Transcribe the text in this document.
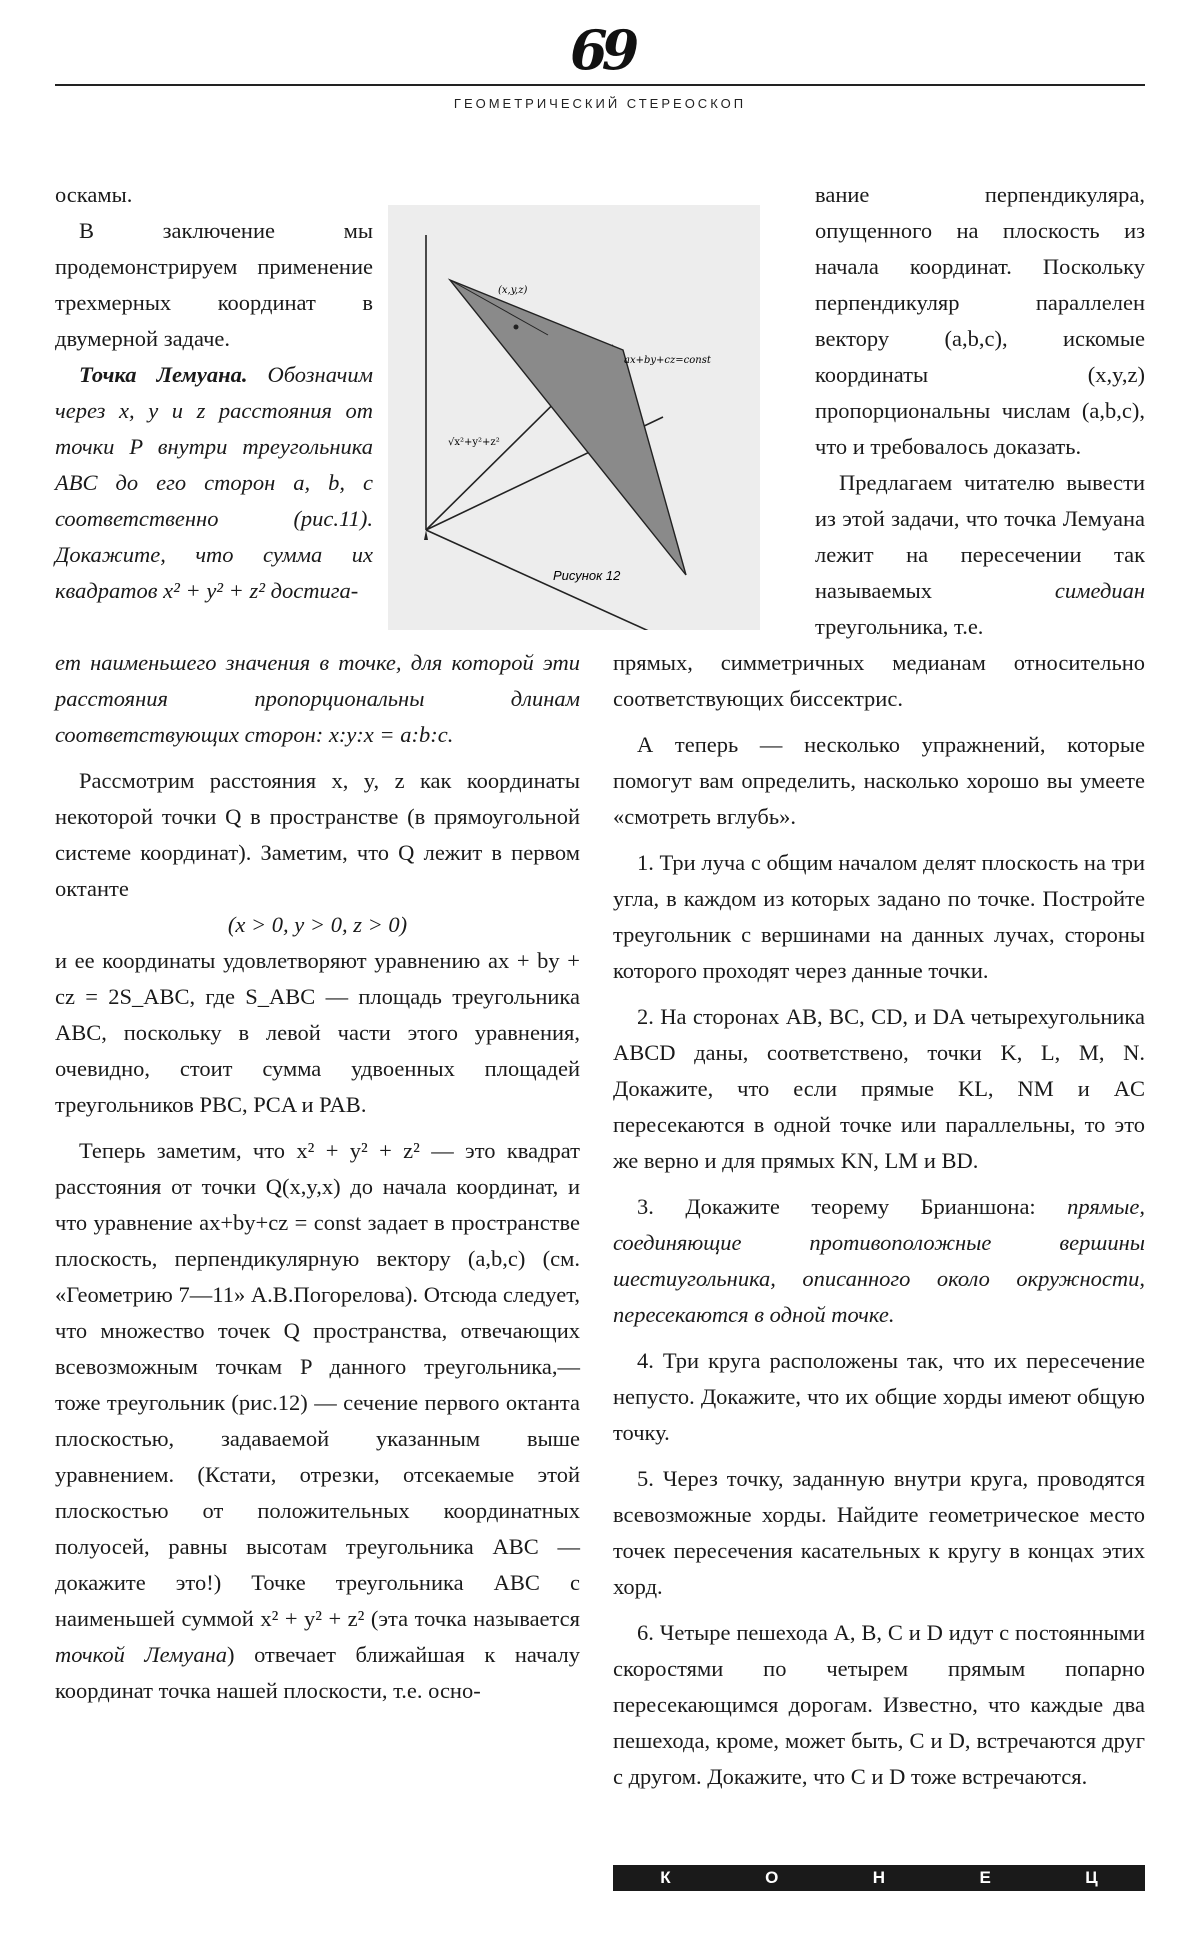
69
ГЕОМЕТРИЧЕСКИЙ СТЕРЕОСКОП

оскамы.

В заключение мы продемонстрируем применение трехмерных координат в двумерной задаче.

Точка Лемуана. Обозначим через x, y и z расстояния от точки P внутри треугольника ABC до его сторон a, b, c соответственно (рис.11). Докажите, что сумма их квадратов x² + y² + z² достига-

(x,y,z)
ax+by+cz=const
√x²+y²+z²
Рисунок 12

вание перпендикуляра, опущенного на плоскость из начала координат. Поскольку перпендикуляр параллелен вектору (a,b,c), искомые координаты (x,y,z) пропорциональны числам (a,b,c), что и требовалось доказать.

Предлагаем читателю вывести из этой задачи, что точка Лемуана лежит на пересечении так называемых	симедиан треугольника, т.е.

ет наименьшего значения в точке, для которой эти расстояния пропорциональны длинам соответствующих сторон: x:y:x = a:b:c.

Рассмотрим расстояния x, y, z как координаты некоторой точки Q в пространстве (в прямоугольной системе координат). Заметим, что Q лежит в первом октанте

(x > 0, y > 0, z > 0)

и ее координаты удовлетворяют уравнению ax + by + cz = 2S_ABC, где S_ABC — площадь треугольника ABC, поскольку в левой части этого уравнения, очевидно, стоит сумма удвоенных площадей треугольников PBC, PCA и PAB.

Теперь заметим, что x² + y² + z² — это квадрат расстояния от точки Q(x,y,x) до начала координат, и что уравнение ax+by+cz = const задает в пространстве плоскость, перпендикулярную вектору (a,b,c) (см. «Геометрию 7—11» А.В.Погорелова). Отсюда следует, что множество точек Q пространства, отвечающих всевозможным точкам P данного треугольника,— тоже треугольник (рис.12) — сечение первого октанта плоскостью, задаваемой указанным выше уравнением. (Кстати, отрезки, отсекаемые этой плоскостью от положительных координатных полуосей, равны высотам треугольника ABC — докажите это!) Точке треугольника ABC с наименьшей суммой x² + y² + z² (эта точка называется точкой Лемуана) отвечает ближайшая к началу координат точка нашей плоскости, т.е. осно-

прямых, симметричных медианам относительно соответствующих биссектрис.

А теперь — несколько упражнений, которые помогут вам определить, насколько хорошо вы умеете «смотреть вглубь».

1. Три луча с общим началом делят плоскость на три угла, в каждом из которых задано по точке. Постройте треугольник с вершинами на данных лучах, стороны которого проходят через данные точки.

2. На сторонах AB, BC, CD, и DA четырехугольника ABCD даны, соответствено, точки K, L, M, N. Докажите, что если прямые KL, NM и AC пересекаются в одной точке или параллельны, то это же верно и для прямых KN, LM и BD.

3. Докажите теорему Брианшона: прямые, соединяющие противоположные вершины шестиугольника, описанного около окружности, пересекаются в одной точке.

4. Три круга расположены так, что их пересечение непусто. Докажите, что их общие хорды имеют общую точку.

5. Через точку, заданную внутри круга, проводятся всевозможные хорды. Найдите геометрическое место точек пересечения касательных к кругу в концах этих хорд.

6. Четыре пешехода A, B, C и D идут с постоянными скоростями по четырем прямым попарно пересекающимся дорогам. Известно, что каждые два пешехода, кроме, может быть, C и D, встречаются друг с другом. Докажите, что C и D тоже встречаются.

К	О	Н	Е	Ц
